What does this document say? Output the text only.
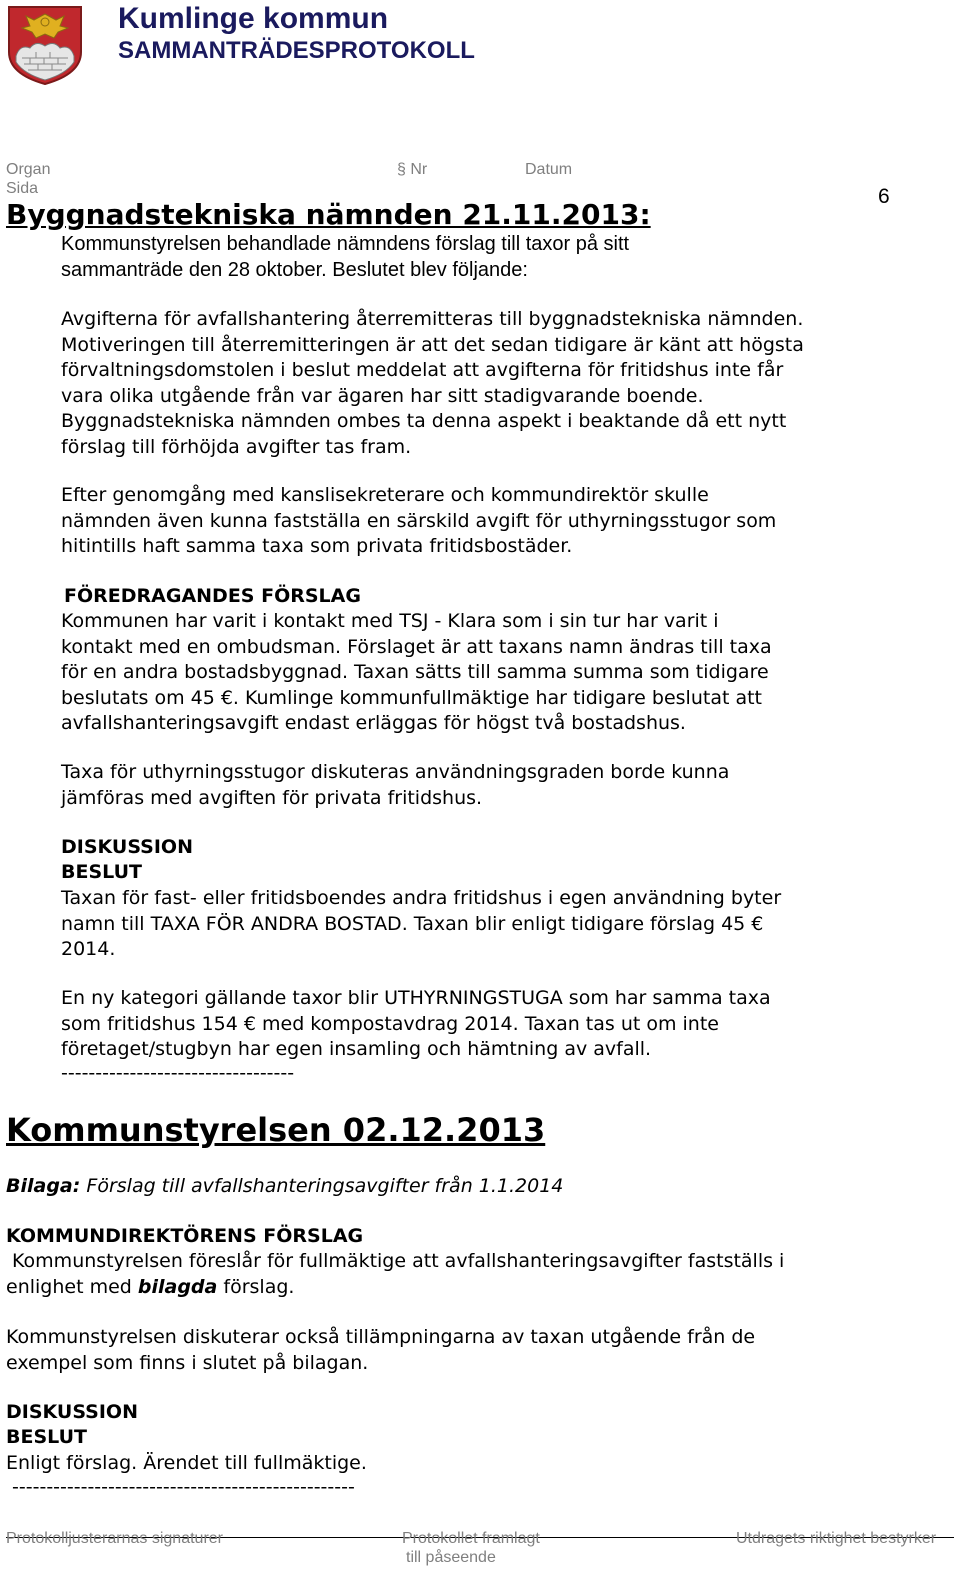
Kumlinge kommun
SAMMANTRÄDESPROTOKOLL
Organ	§ Nr	Datum
Sida	6
Byggnadstekniska nämnden 21.11.2013:

Kommunstyrelsen behandlade nämndens förslag till taxor på sitt

sammanträde den 28 oktober. Beslutet blev följande:

Avgifterna för avfallshantering återremitteras till byggnadstekniska nämnden.

Motiveringen till återremitteringen är att det sedan tidigare är känt att högsta

förvaltningsdomstolen i beslut meddelat att avgifterna för fritidshus inte får

vara olika utgående från var ägaren har sitt stadigvarande boende.

Byggnadstekniska nämnden ombes ta denna aspekt i beaktande då ett nytt

förslag till förhöjda avgifter tas fram.

Efter genomgång med kanslisekreterare och kommundirektör skulle

nämnden även kunna fastställa en särskild avgift för uthyrningsstugor som

hitintills haft samma taxa som privata fritidsbostäder.

FÖREDRAGANDES FÖRSLAG

Kommunen har varit i kontakt med TSJ - Klara som i sin tur har varit i

kontakt med en ombudsman. Förslaget är att taxans namn ändras till taxa

för en andra bostadsbyggnad. Taxan sätts till samma summa som tidigare

beslutats om 45 €. Kumlinge kommunfullmäktige har tidigare beslutat att

avfallshanteringsavgift endast erläggas för högst två bostadshus.

Taxa för uthyrningsstugor diskuteras användningsgraden borde kunna

jämföras med avgiften för privata fritidshus.

DISKUSSION
BESLUT

Taxan för fast- eller fritidsboendes andra fritidshus i egen användning byter

namn till TAXA FÖR ANDRA BOSTAD. Taxan blir enligt tidigare förslag 45 €

2014.

En ny kategori gällande taxor blir UTHYRNINGSTUGA som har samma taxa

som fritidshus 154 € med kompostavdrag 2014. Taxan tas ut om inte

företaget/stugbyn har egen insamling och hämtning av avfall.

----------------------------------
Kommunstyrelsen 02.12.2013
Bilaga: Förslag till avfallshanteringsavgifter från 1.1.2014
KOMMUNDIREKTÖRENS FÖRSLAG

Kommunstyrelsen föreslår för fullmäktige att avfallshanteringsavgifter fastställs i

enlighet med bilagda förslag.

Kommunstyrelsen diskuterar också tillämpningarna av taxan utgående från de

exempel som finns i slutet på bilagan.

DISKUSSION
BESLUT
Enligt förslag. Ärendet till fullmäktige.
--------------------------------------------------
Protokolljusterarnas signaturer	Protokollet framlagt
till påseende
Utdragets riktighet bestyrker
